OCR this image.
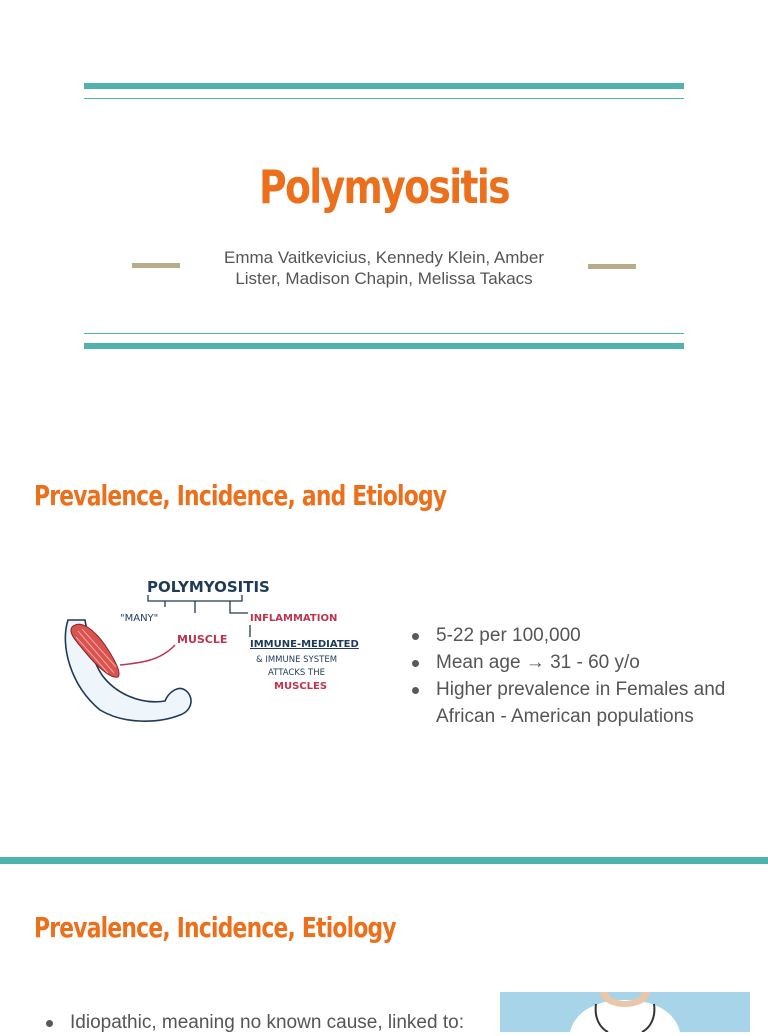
Polymyositis
Emma Vaitkevicius, Kennedy Klein, Amber Lister, Madison Chapin, Melissa Takacs
Prevalence, Incidence, and Etiology
POLYMYOSITIS
"MANY"
MUSCLE
INFLAMMATION
IMMUNE-MEDIATED
& IMMUNE SYSTEM
ATTACKS THE
MUSCLES
5-22 per 100,000
Mean age → 31 - 60 y/o
Higher prevalence in Females and African - American populations
Prevalence, Incidence, Etiology
Idiopathic, meaning no known cause, linked to:
